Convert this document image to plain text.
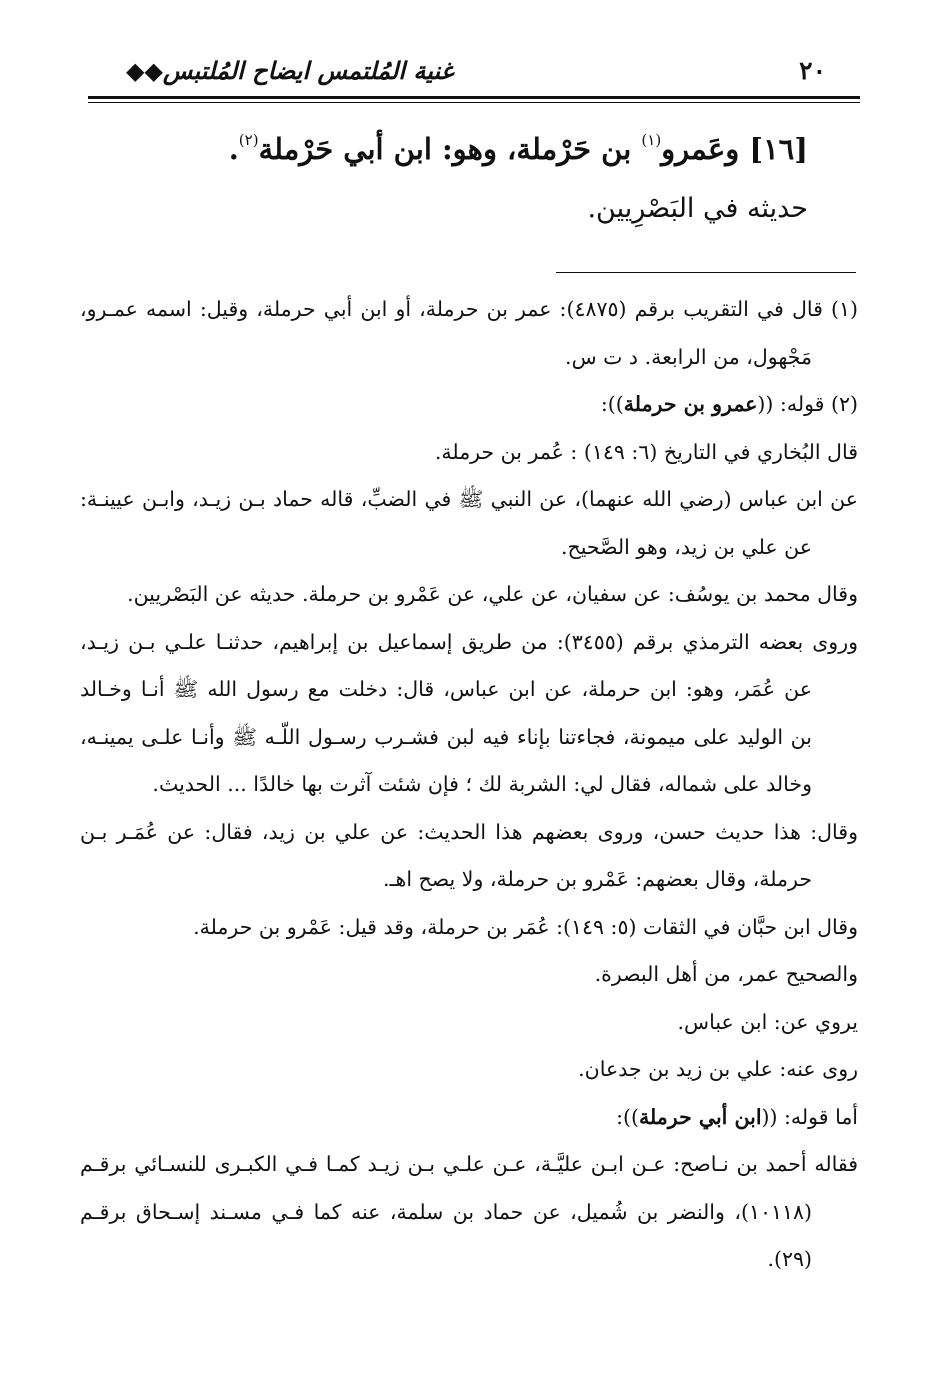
٢٠
غنية المُلتمس ايضاح المُلتبس◆◆
[١٦] وعَمرو$^{(١)}$ بن حَرْملة، وهو: ابن أبي حَرْملة$^{(٢)}$.
حديثه في البَصْرِيين.
(١) قال في التقريب برقم (٤٨٧٥): عمر بن حرملة، أو ابن أبي حرملة، وقيل: اسمه عمـرو،
مَجْهول، من الرابعة. د ت س.
(٢) قوله: ((عمرو بن حرملة)):
قال البُخاري في التاريخ (٦: ١٤٩) : عُمر بن حرملة.
عن ابن عباس (رضي الله عنهما)، عن النبي ﷺ في الضبِّ، قاله حماد بـن زيـد، وابـن عيينـة:
عن علي بن زيد، وهو الصَّحيح.
وقال محمد بن يوسُف: عن سفيان، عن علي، عن عَمْرو بن حرملة. حديثه عن البَصْريين.
وروى بعضه الترمذي برقم (٣٤٥٥): من طريق إسماعيل بن إبراهيم، حدثنـا علـي بـن زيـد،
عن عُمَر، وهو: ابن حرملة، عن ابن عباس، قال: دخلت مع رسول الله ﷺ أنـا وخـالد
بن الوليد على ميمونة، فجاءتنا بإناء فيه لبن فشـرب رسـول اللّـه ﷺ وأنـا علـى يمينـه،
وخالد على شماله، فقال لي: الشربة لك ؛ فإن شئت آثرت بها خالدًا ... الحديث.
وقال: هذا حديث حسن، وروى بعضهم هذا الحديث: عن علي بن زيد، فقال: عن عُمَـر بـن
حرملة، وقال بعضهم: عَمْرو بن حرملة، ولا يصح اهـ.
وقال ابن حبَّان في الثقات (٥: ١٤٩): عُمَر بن حرملة، وقد قيل: عَمْرو بن حرملة.
والصحيح عمر، من أهل البصرة.
يروي عن: ابن عباس.
روى عنه: علي بن زيد بن جدعان.
أما قوله: ((ابن أبي حرملة)):
فقاله أحمد بن نـاصح: عـن ابـن عليَّـة، عـن علـي بـن زيـد كمـا فـي الكبـرى للنسـائي برقـم
(١٠١١٨)، والنضر بن شُميل، عن حماد بن سلمة، عنه كما فـي مسـند إسـحاق برقـم
(٢٩).
